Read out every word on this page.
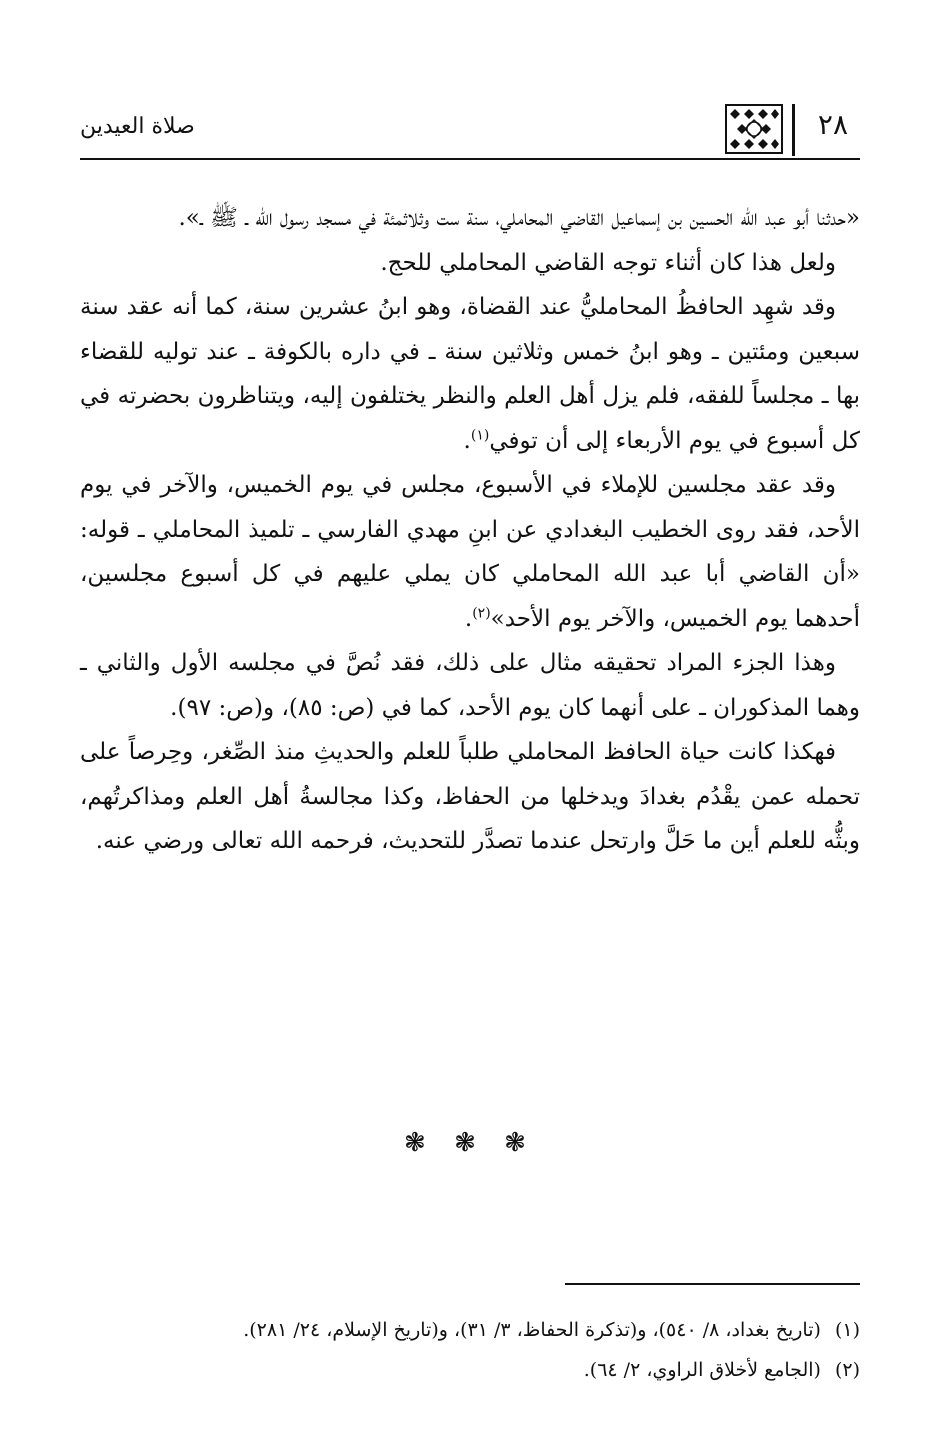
٢٨
صلاة العيدين

«حدثنا أبو عبد الله الحسين بن إسماعيل القاضي المحاملي، سنة ست وثلاثمئة في مسجد رسول الله ـ ﷺ ـ».

ولعل هذا كان أثناء توجه القاضي المحاملي للحج.

وقد شهِد الحافظُ المحامليُّ عند القضاة، وهو ابنُ عشرين سنة، كما أنه عقد سنة سبعين ومئتين ـ وهو ابنُ خمس وثلاثين سنة ـ في داره بالكوفة ـ عند توليه للقضاء بها ـ مجلساً للفقه، فلم يزل أهل العلم والنظر يختلفون إليه، ويتناظرون بحضرته في كل أسبوع في يوم الأربعاء إلى أن توفي$^{(١)}$.

وقد عقد مجلسين للإملاء في الأسبوع، مجلس في يوم الخميس، والآخر في يوم الأحد، فقد روى الخطيب البغدادي عن ابنِ مهدي الفارسي ـ تلميذ المحاملي ـ قوله: «أن القاضي أبا عبد الله المحاملي كان يملي عليهم في كل أسبوع مجلسين، أحدهما يوم الخميس، والآخر يوم الأحد»$^{(٢)}$.

وهذا الجزء المراد تحقيقه مثال على ذلك، فقد نُصَّ في مجلسه الأول والثاني ـ وهما المذكوران ـ على أنهما كان يوم الأحد، كما في (ص: ٨٥)، و(ص: ٩٧).

فهكذا كانت حياة الحافظ المحاملي طلباً للعلم والحديثِ منذ الصِّغر، وحِرصاً على تحمله عمن يقْدُم بغدادَ ويدخلها من الحفاظ، وكذا مجالسةُ أهل العلم ومذاكرتُهم، وبثُّه للعلم أين ما حَلَّ وارتحل عندما تصدَّر للتحديث، فرحمه الله تعالى ورضي عنه.

❃ ❃ ❃

(١)(تاريخ بغداد، ٨/ ٥٤٠)، و(تذكرة الحفاظ، ٣/ ٣١)، و(تاريخ الإسلام، ٢٤/ ٢٨١).

(٢)(الجامع لأخلاق الراوي، ٢/ ٦٤).
